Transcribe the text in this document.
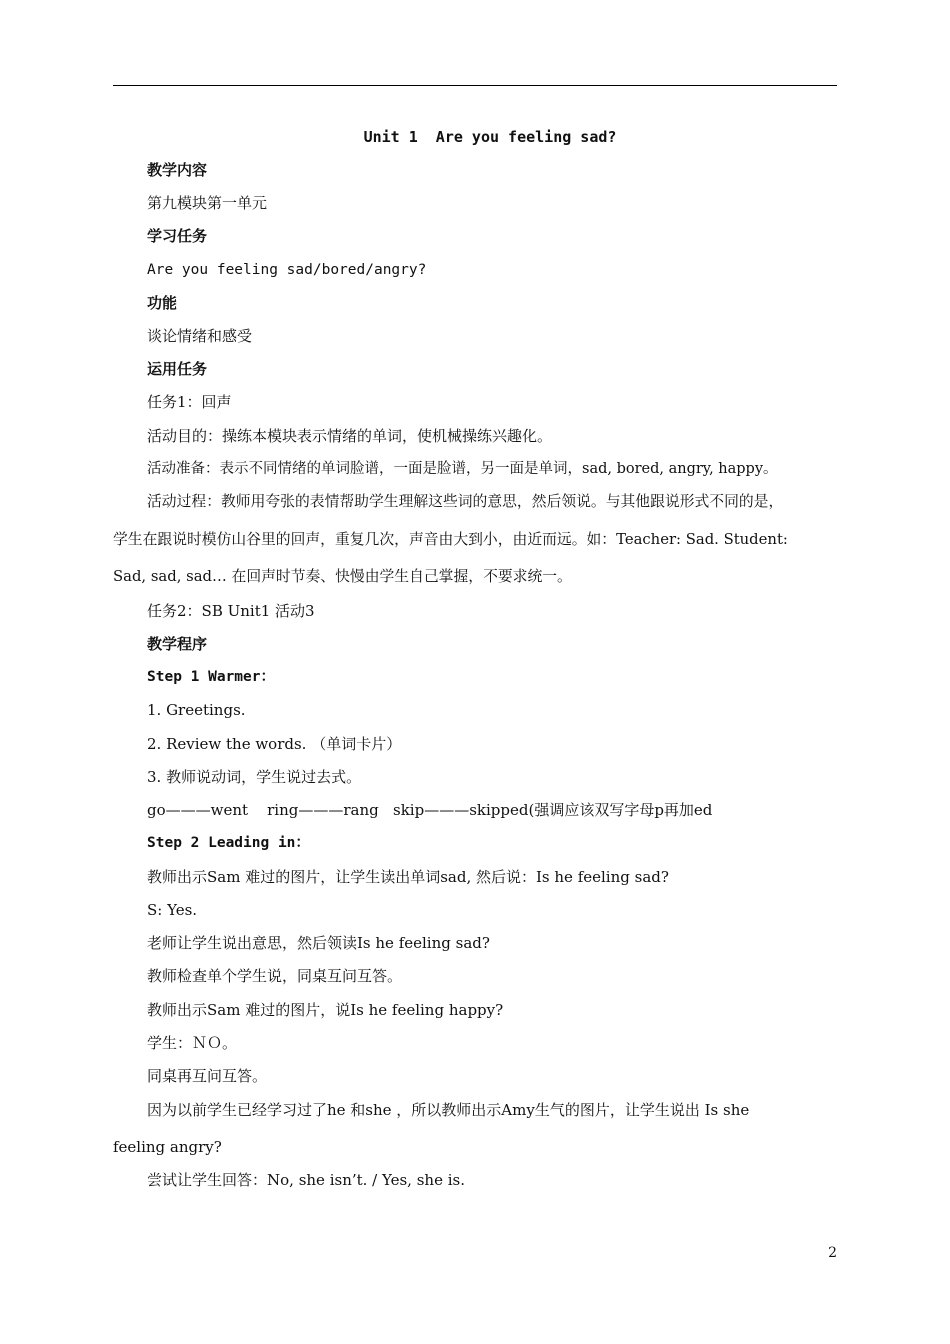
Unit 1  Are you feeling sad?
教学内容
第九模块第一单元
学习任务
Are you feeling sad/bored/angry?
功能
谈论情绪和感受
运用任务
任务1：回声
活动目的：操练本模块表示情绪的单词，使机械操练兴趣化。
活动准备：表示不同情绪的单词脸谱，一面是脸谱，另一面是单词，sad, bored, angry, happy。
活动过程：教师用夸张的表情帮助学生理解这些词的意思，然后领说。与其他跟说形式不同的是，
学生在跟说时模仿山谷里的回声，重复几次，声音由大到小，由近而远。如：Teacher: Sad. Student:
Sad, sad, sad… 在回声时节奏、快慢由学生自己掌握，不要求统一。
任务2：SB Unit1 活动3
教学程序
Step 1 Warmer：
1. Greetings.
2. Review the words. （单词卡片）
3. 教师说动词，学生说过去式。
go———went    ring———rang   skip———skipped(强调应该双写字母p再加ed
Step 2 Leading in：
教师出示Sam 难过的图片，让学生读出单词sad, 然后说：Is he feeling sad?
S: Yes.
老师让学生说出意思，然后领读Is he feeling sad?
教师检查单个学生说，同桌互问互答。
教师出示Sam 难过的图片，说Is he feeling happy?
学生：ＮＯ。
同桌再互问互答。
因为以前学生已经学习过了he 和she ，所以教师出示Amy生气的图片，让学生说出 Is she
feeling angry?
尝试让学生回答：No, she isn’t. / Yes, she is.
2
